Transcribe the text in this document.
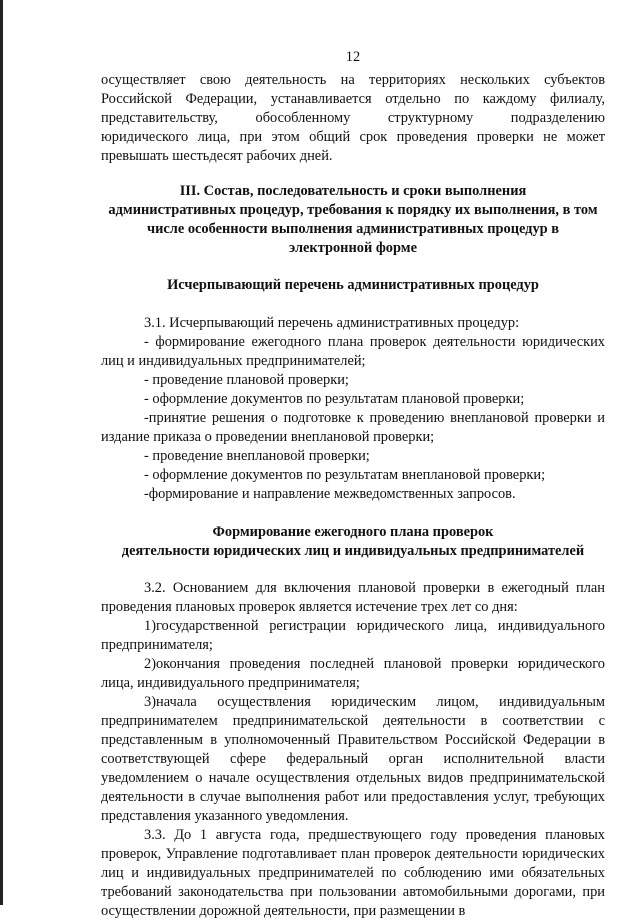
12

осуществляет свою деятельность на территориях нескольких субъектов

Российской Федерации, устанавливается отдельно по каждому филиалу,

представительству, обособленному структурному подразделению

юридического лица, при этом общий срок проведения проверки не может

превышать шестьдесят рабочих дней.

III. Состав, последовательность и сроки выполнения
административных процедур, требования к порядку их выполнения, в том
числе особенности выполнения административных процедур в
электронной форме
Исчерпывающий перечень административных процедур

3.1. Исчерпывающий перечень административных процедур:

- формирование ежегодного плана проверок деятельности юридических лиц и индивидуальных предпринимателей;

- проведение плановой проверки;

- оформление документов по результатам плановой проверки;

-принятие решения о подготовке к проведению внеплановой проверки и издание приказа о проведении внеплановой проверки;

- проведение внеплановой проверки;

- оформление документов по результатам внеплановой проверки;

-формирование и направление межведомственных запросов.

Формирование ежегодного плана проверок
деятельности юридических лиц и индивидуальных предпринимателей

3.2. Основанием для включения плановой проверки в ежегодный план проведения плановых проверок является истечение трех лет со дня:

1)государственной регистрации юридического лица, индивидуального предпринимателя;

2)окончания проведения последней плановой проверки юридического лица, индивидуального предпринимателя;

3)начала осуществления юридическим лицом, индивидуальным предпринимателем предпринимательской деятельности в соответствии с представленным в уполномоченный Правительством Российской Федерации в соответствующей сфере федеральный орган исполнительной власти уведомлением о начале осуществления отдельных видов предпринимательской деятельности в случае выполнения работ или предоставления услуг, требующих представления указанного уведомления.

3.3. До 1 августа года, предшествующего году проведения плановых проверок, Управление подготавливает план проверок деятельности юридических лиц и индивидуальных предпринимателей по соблюдению ими обязательных требований законодательства при пользовании автомобильными дорогами, при осуществлении дорожной деятельности, при размещении в
